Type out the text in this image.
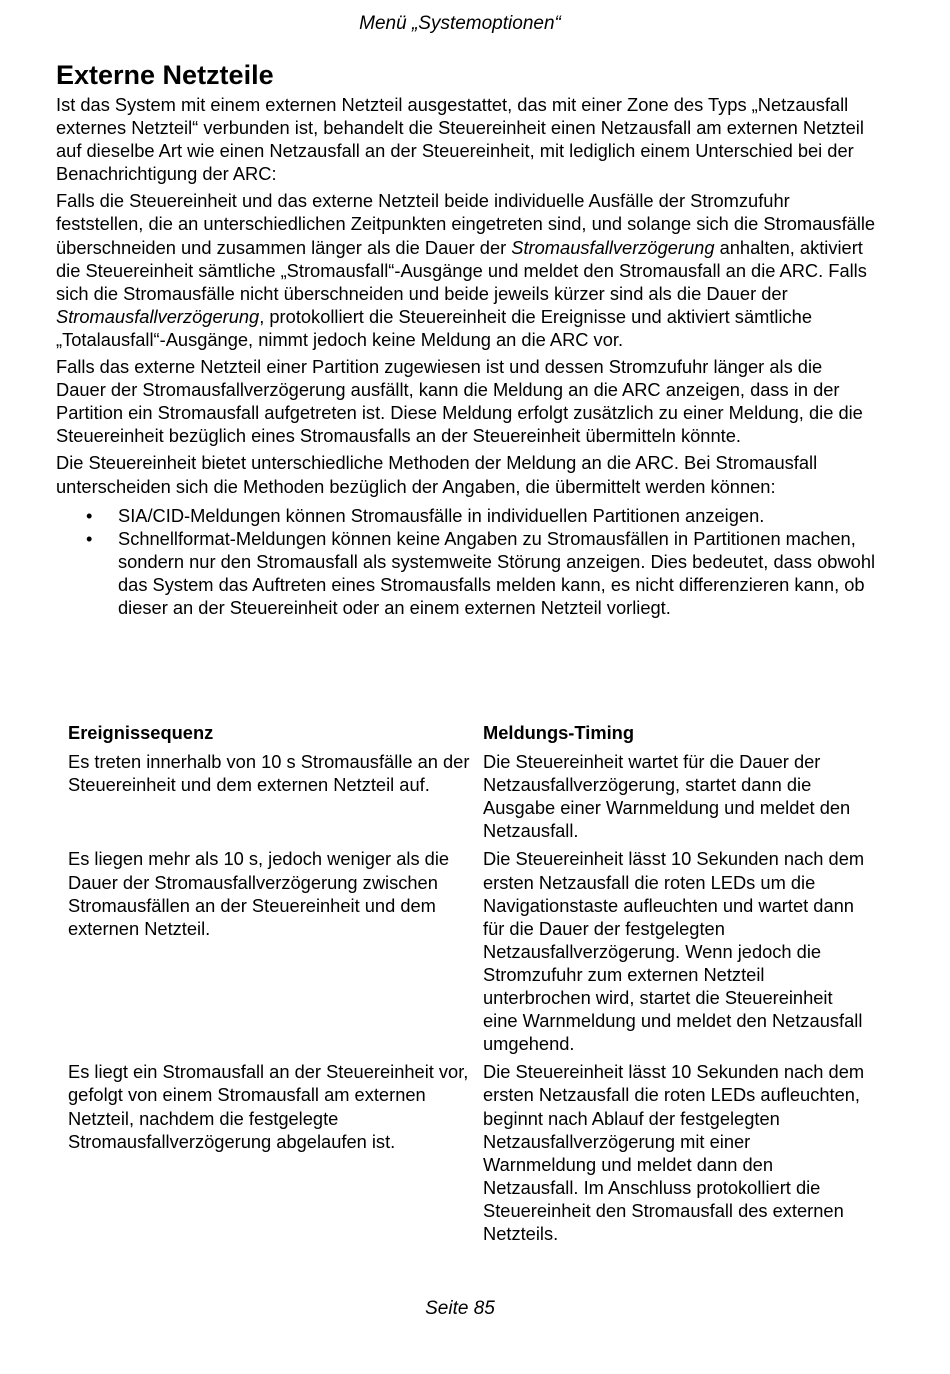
Menü „Systemoptionen“
Externe Netzteile

Ist das System mit einem externen Netzteil ausgestattet, das mit einer Zone des Typs „Netzausfall externes Netzteil“ verbunden ist, behandelt die Steuereinheit einen Netzausfall am externen Netzteil auf dieselbe Art wie einen Netzausfall an der Steuereinheit, mit lediglich einem Unterschied bei der Benachrichtigung der ARC:

Falls die Steuereinheit und das externe Netzteil beide individuelle Ausfälle der Stromzufuhr feststellen, die an unterschiedlichen Zeitpunkten eingetreten sind, und solange sich die Stromausfälle überschneiden und zusammen länger als die Dauer der Stromausfallverzögerung anhalten, aktiviert die Steuereinheit sämtliche „Stromausfall“-Ausgänge und meldet den Stromausfall an die ARC. Falls sich die Stromausfälle nicht überschneiden und beide jeweils kürzer sind als die Dauer der Stromausfallverzögerung, protokolliert die Steuereinheit die Ereignisse und aktiviert sämtliche „Totalausfall“-Ausgänge, nimmt jedoch keine Meldung an die ARC vor.

Falls das externe Netzteil einer Partition zugewiesen ist und dessen Stromzufuhr länger als die Dauer der Stromausfallverzögerung ausfällt, kann die Meldung an die ARC anzeigen, dass in der Partition ein Stromausfall aufgetreten ist. Diese Meldung erfolgt zusätzlich zu einer Meldung, die die Steuereinheit bezüglich eines Stromausfalls an der Steuereinheit übermitteln könnte.

Die Steuereinheit bietet unterschiedliche Methoden der Meldung an die ARC. Bei Stromausfall unterscheiden sich die Methoden bezüglich der Angaben, die übermittelt werden können:

• SIA/CID-Meldungen können Stromausfälle in individuellen Partitionen anzeigen.
• Schnellformat-Meldungen können keine Angaben zu Stromausfällen in Partitionen machen, sondern nur den Stromausfall als systemweite Störung anzeigen. Dies bedeutet, dass obwohl das System das Auftreten eines Stromausfalls melden kann, es nicht differenzieren kann, ob dieser an der Steuereinheit oder an einem externen Netzteil vorliegt.
Ereignissequenz	Meldungs-Timing
Es treten innerhalb von 10 s Stromausfälle an der Steuereinheit und dem externen Netzteil auf.	Die Steuereinheit wartet für die Dauer der Netzausfallverzögerung, startet dann die Ausgabe einer Warnmeldung und meldet den Netzausfall.
Es liegen mehr als 10 s, jedoch weniger als die Dauer der Stromausfallverzögerung zwischen Stromausfällen an der Steuereinheit und dem externen Netzteil.	Die Steuereinheit lässt 10 Sekunden nach dem ersten Netzausfall die roten LEDs um die Navigationstaste aufleuchten und wartet dann für die Dauer der festgelegten Netzausfallverzögerung. Wenn jedoch die Stromzufuhr zum externen Netzteil unterbrochen wird, startet die Steuereinheit eine Warnmeldung und meldet den Netzausfall umgehend.
Es liegt ein Stromausfall an der Steuereinheit vor, gefolgt von einem Stromausfall am externen Netzteil, nachdem die festgelegte Stromausfallverzögerung abgelaufen ist.	Die Steuereinheit lässt 10 Sekunden nach dem ersten Netzausfall die roten LEDs aufleuchten, beginnt nach Ablauf der festgelegten Netzausfallverzögerung mit einer Warnmeldung und meldet dann den Netzausfall. Im Anschluss protokolliert die Steuereinheit den Stromausfall des externen Netzteils.
Seite 85
